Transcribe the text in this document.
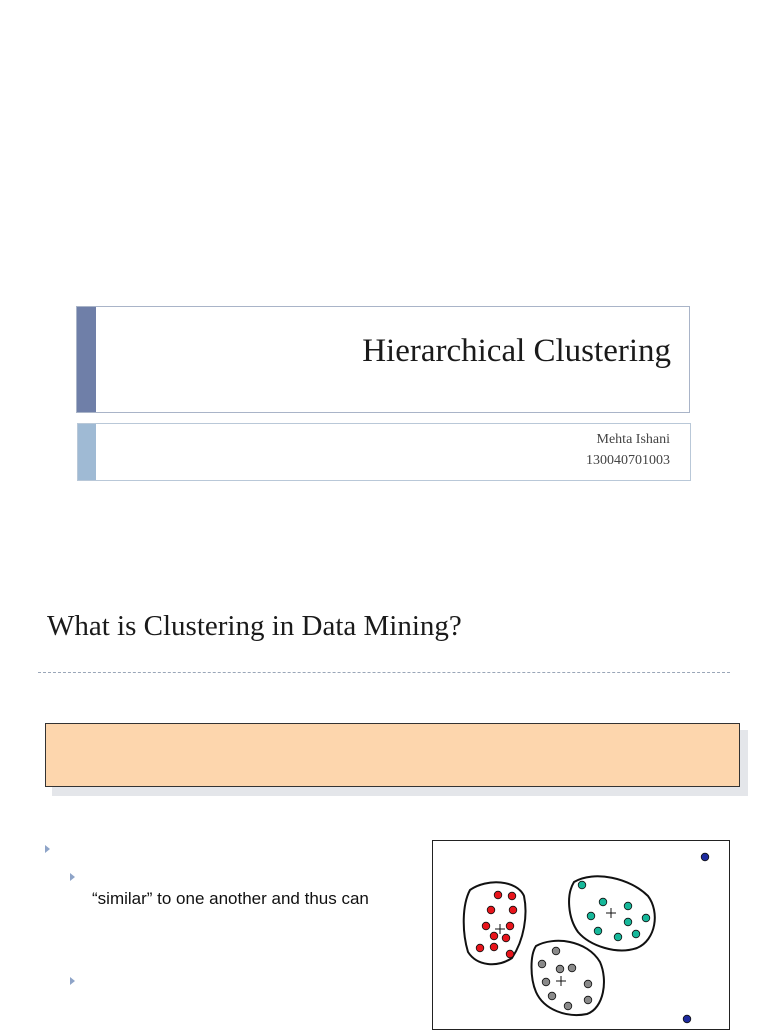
Hierarchical Clustering
Mehta Ishani
130040701003
What is Clustering in Data Mining?
“similar” to one another and thus can
